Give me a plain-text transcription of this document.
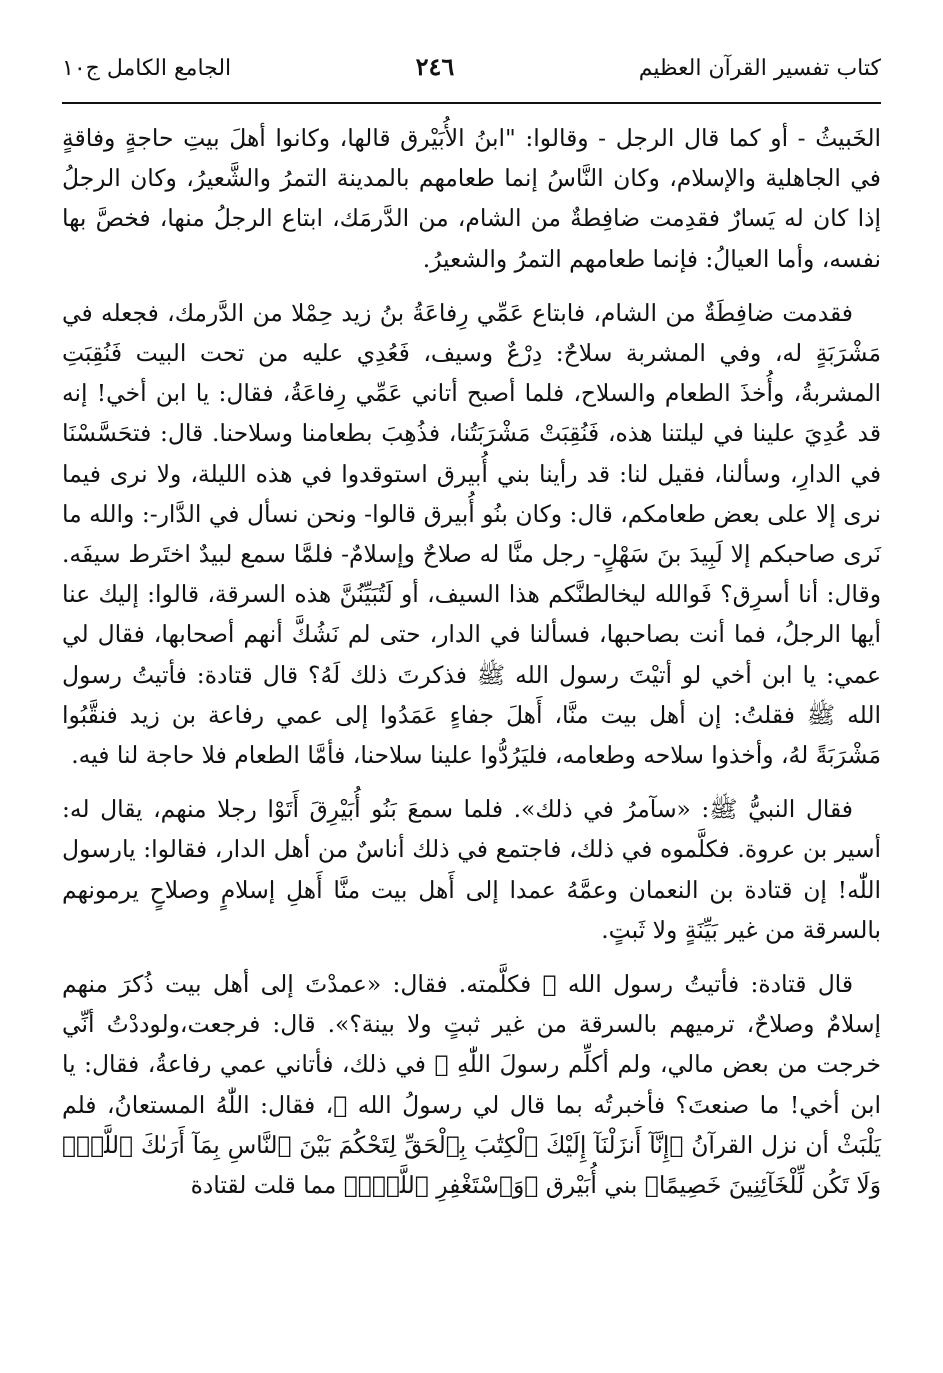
كتاب تفسير القرآن العظيم
٢٤٦
الجامع الكامل ج١٠

الخَبيثُ - أو كما قال الرجل - وقالوا: "ابنُ الأُبَيْرق قالها، وكانوا أهلَ بيتِ حاجةٍ وفاقةٍ في الجاهلية والإسلام، وكان النَّاسُ إنما طعامهم بالمدينة التمرُ والشَّعيرُ، وكان الرجلُ إذا كان له يَسارٌ فقدِمت ضافِطةٌ من الشام، من الدَّرمَك، ابتاع الرجلُ منها، فخصَّ بها نفسه، وأما العيالُ: فإنما طعامهم التمرُ والشعيرُ.

فقدمت ضافِطَةٌ من الشام، فابتاع عَمِّي رِفاعَةُ بنُ زيد حِمْلا من الدَّرمك، فجعله في مَشْرَبَةٍ له، وفي المشربة سلاحٌ: دِرْعٌ وسيف، فَعُدِي عليه من تحت البيت فَنُقِبَتِ المشربةُ، وأُخذَ الطعام والسلاح، فلما أصبح أتاني عَمِّي رِفاعَةُ، فقال: يا ابن أخي! إنه قد عُدِيَ علينا في ليلتنا هذه، فَنُقِبَتْ مَشْرَبَتُنا، فذُهِبَ بطعامنا وسلاحنا. قال: فتحَسَّسْنَا في الدارِ، وسألنا، فقيل لنا: قد رأينا بني أُبيرق استوقدوا في هذه الليلة، ولا نرى فيما نرى إلا على بعض طعامكم، قال: وكان بنُو أُبيرق قالوا- ونحن نسأل في الدَّار-: والله ما نَرى صاحبكم إلا لَبِيدَ بنَ سَهْلٍ- رجل منَّا له صلاحٌ وإسلامٌ- فلمَّا سمع لبيدٌ اختَرط سيفَه. وقال: أنا أسرِق؟ فَوالله ليخالطنَّكم هذا السيف، أو لَتُبَيِّنُنَّ هذه السرقة، قالوا: إليك عنا أيها الرجلُ، فما أنت بصاحبها، فسألنا في الدار، حتى لم نَشُكَّ أنهم أصحابها، فقال لي عمي: يا ابن أخي لو أتيْتَ رسول الله ﷺ فذكرتَ ذلك لَهُ؟ قال قتادة: فأتيتُ رسول الله ﷺ فقلتُ: إن أهل بيت منَّا، أَهلَ جفاءٍ عَمَدُوا إلى عمي رفاعة بن زيد فنقَّبُوا مَشْرَبَةً لهُ، وأخذوا سلاحه وطعامه، فليَرُدُّوا علينا سلاحنا، فأمَّا الطعام فلا حاجة لنا فيه.

فقال النبيُّ ﷺ: «سآمرُ في ذلك». فلما سمعَ بَنُو أُبَيْرِقَ أَتَوْا رجلا منهم، يقال له: أسير بن عروة. فكلَّموه في ذلك، فاجتمع في ذلك أناسٌ من أهل الدار، فقالوا: يارسول اللّٰه! إن قتادة بن النعمان وعمَّهُ عمدا إلى أَهل بيت منَّا أَهلِ إسلامٍ وصلاحٍ يرمونهم بالسرقة من غير بَيِّنَةٍ ولا ثَبتٍ.

قال قتادة: فأتيتُ رسول الله ﷺ فكلَّمته. فقال: «عمدْتَ إلى أهل بيت ذُكرَ منهم إسلامٌ وصلاحٌ، ترميهم بالسرقة من غير ثبتٍ ولا بينة؟». قال: فرجعت،ولوددْتُ أنِّي خرجت من بعض مالي، ولم أكلِّم رسولَ اللّٰهِ ﷺ في ذلك، فأتاني عمي رفاعةُ، فقال: يا ابن أخي! ما صنعتَ؟ فأخبرتُه بما قال لي رسولُ الله ﷺ، فقال: اللّٰهُ المستعانُ، فلم يَلْبَثْ أن نزل القرآنُ ﴿إِنَّآ أَنزَلْنَآ إِلَيْكَ ٱلْكِتَٰبَ بِٱلْحَقِّ لِتَحْكُمَ بَيْنَ ٱلنَّاسِ بِمَآ أَرَىٰكَ ٱللَّهُۚ وَلَا تَكُن لِّلْخَآئِنِينَ خَصِيمًا﴾ بني أُبَيْرق ﴿وَٱسْتَغْفِرِ ٱللَّهَۖ﴾ مما قلت لقتادة
